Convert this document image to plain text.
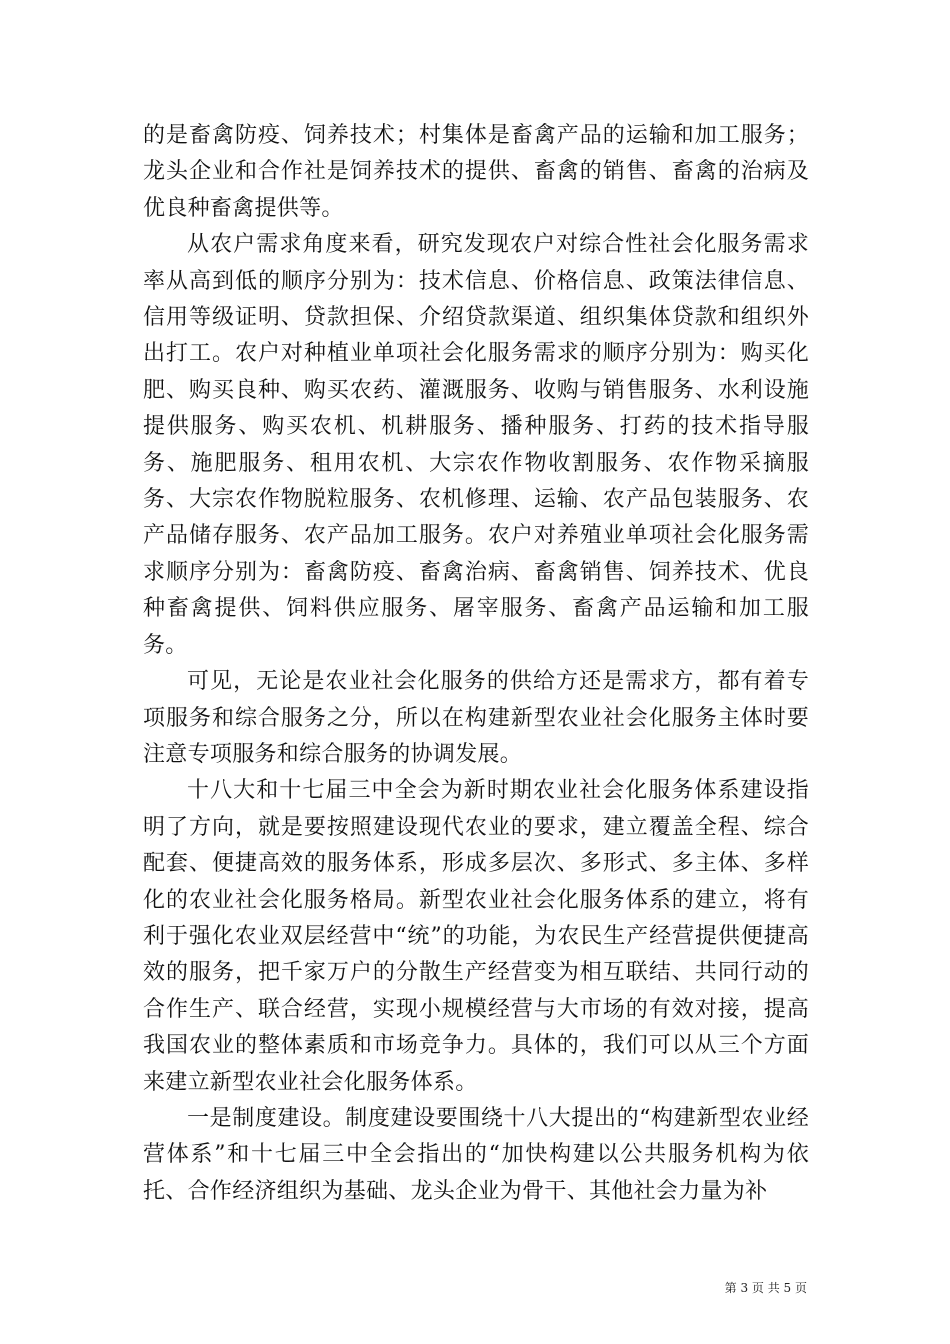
的是畜禽防疫、饲养技术；村集体是畜禽产品的运输和加工服务；龙头企业和合作社是饲养技术的提供、畜禽的销售、畜禽的治病及优良种畜禽提供等。

从农户需求角度来看，研究发现农户对综合性社会化服务需求率从高到低的顺序分别为：技术信息、价格信息、政策法律信息、信用等级证明、贷款担保、介绍贷款渠道、组织集体贷款和组织外出打工。农户对种植业单项社会化服务需求的顺序分别为：购买化肥、购买良种、购买农药、灌溉服务、收购与销售服务、水利设施提供服务、购买农机、机耕服务、播种服务、打药的技术指导服务、施肥服务、租用农机、大宗农作物收割服务、农作物采摘服务、大宗农作物脱粒服务、农机修理、运输、农产品包装服务、农产品储存服务、农产品加工服务。农户对养殖业单项社会化服务需求顺序分别为：畜禽防疫、畜禽治病、畜禽销售、饲养技术、优良种畜禽提供、饲料供应服务、屠宰服务、畜禽产品运输和加工服务。

可见，无论是农业社会化服务的供给方还是需求方，都有着专项服务和综合服务之分，所以在构建新型农业社会化服务主体时要注意专项服务和综合服务的协调发展。

十八大和十七届三中全会为新时期农业社会化服务体系建设指明了方向，就是要按照建设现代农业的要求，建立覆盖全程、综合配套、便捷高效的服务体系，形成多层次、多形式、多主体、多样化的农业社会化服务格局。新型农业社会化服务体系的建立，将有利于强化农业双层经营中“统”的功能，为农民生产经营提供便捷高效的服务，把千家万户的分散生产经营变为相互联结、共同行动的合作生产、联合经营，实现小规模经营与大市场的有效对接，提高我国农业的整体素质和市场竞争力。具体的，我们可以从三个方面来建立新型农业社会化服务体系。

一是制度建设。制度建设要围绕十八大提出的“构建新型农业经营体系”和十七届三中全会指出的“加快构建以公共服务机构为依托、合作经济组织为基础、龙头企业为骨干、其他社会力量为补

第 3 页 共 5 页
